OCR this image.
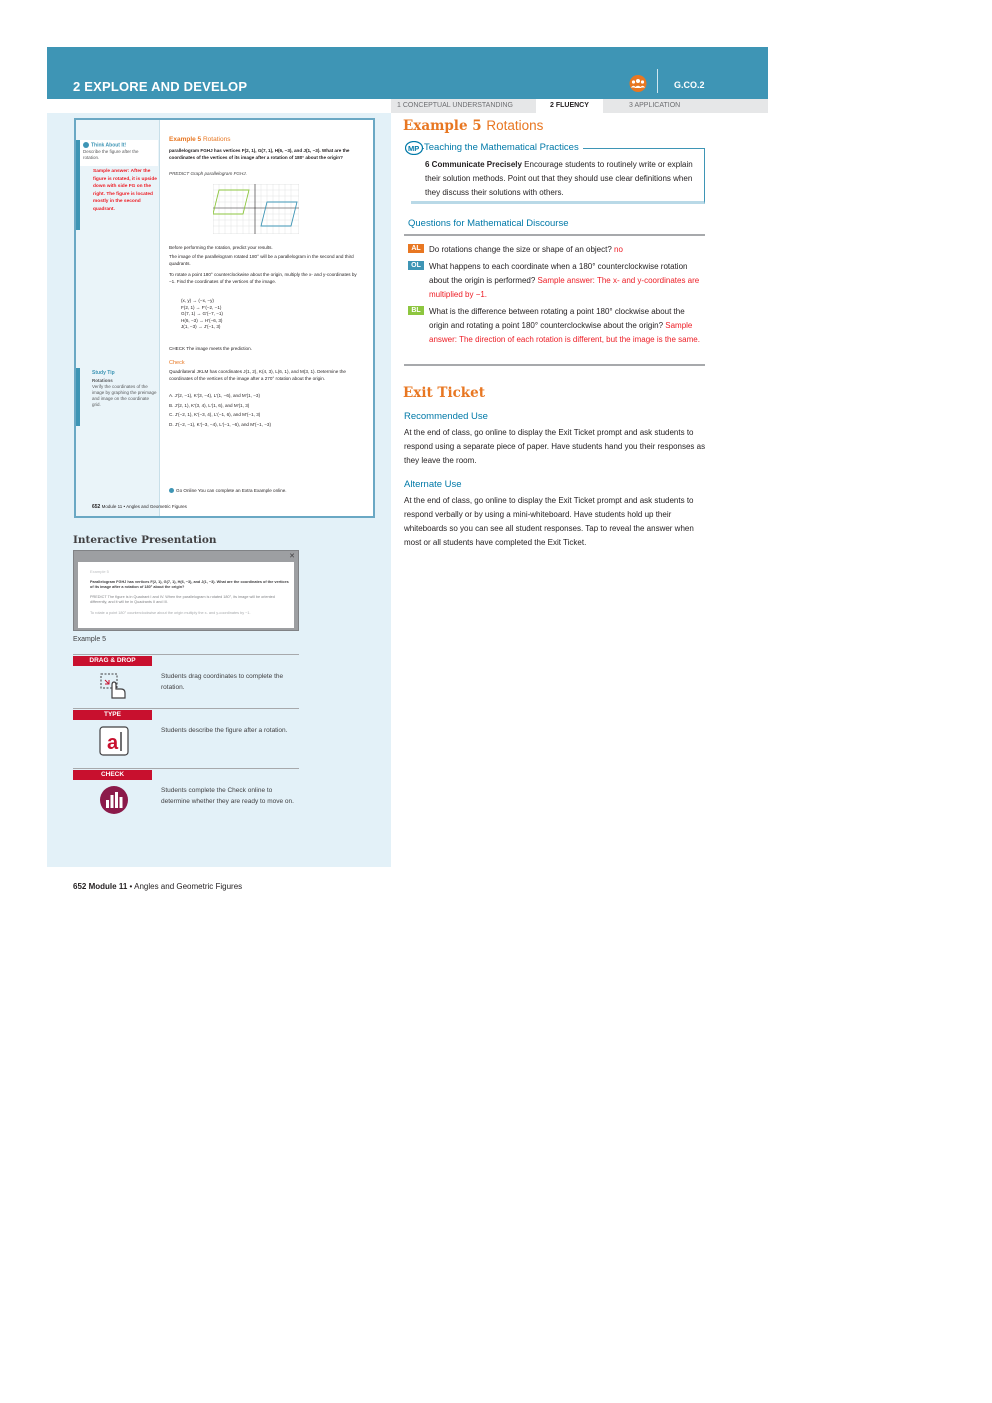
2 EXPLORE AND DEVELOP	G.CO.2
1 CONCEPTUAL UNDERSTANDING	2 FLUENCY	3 APPLICATION
Think About It!
Describe the figure after the rotation.
Sample answer: After the figure is rotated, it is upside down with side FG on the right. The figure is located mostly in the second quadrant.
Study Tip
Rotations
Verify the coordinates of the image by graphing the preimage and image on the coordinate grid.
Example 5 Rotations
parallelogram FGHJ has vertices F(2, 1), G(7, 1), H(6, −3), and J(1, −3). What are the coordinates of the vertices of its image after a rotation of 180° about the origin?
PREDICT Graph parallelogram FGHJ.
Before performing the rotation, predict your results.
The image of the parallelogram rotated 180° will be a parallelogram in the second and third quadrants.
To rotate a point 180° counterclockwise about the origin, multiply the x- and y-coordinates by −1. Find the coordinates of the vertices of the image.
(x, y) → (−x, −y)
F(2, 1) → F′(−2, −1)
G(7, 1) → G′(−7, −1)
H(6, −3) → H′(−6, 3)
J(1, −3) → J′(−1, 3)
CHECK The image meets the prediction.
Check
Quadrilateral JKLM has coordinates J(1, 2), K(4, 3), L(6, 1), and M(3, 1). Determine the coordinates of the vertices of the image after a 270° rotation about the origin.
A. J′(2, −1), K′(3, −4), L′(1, −6), and M′(1, −3)
B. J′(2, 1), K′(3, 4), L′(1, 6), and M′(1, 3)
C. J′(−2, 1), K′(−3, 4), L′(−1, 6), and M′(−1, 3)
D. J′(−2, −1), K′(−3, −4), L′(−1, −6), and M′(−1, −3)
Go Online You can complete an Extra Example online.
652 Module 11 • Angles and Geometric Figures
Interactive Presentation
✕
Example 5
Parallelogram FGHJ has vertices F(2, 1), G(7, 1), H(6, −3), and J(1, −3). What are the coordinates of the vertices of its image after a rotation of 180° about the origin?
PREDICT The figure is in Quadrant I and IV. When the parallelogram is rotated 180°, its image will be oriented differently, and it will be in Quadrants II and III.
To rotate a point 180° counterclockwise about the origin multiply the x- and y-coordinates by −1.
Example 5
DRAG & DROP
Students drag coordinates to complete the rotation.
TYPE
a
Students describe the figure after a rotation.
CHECK
Students complete the Check online to determine whether they are ready to move on.
652 Module 11 • Angles and Geometric Figures
Example 5 Rotations
MP Teaching the Mathematical Practices
6 Communicate Precisely Encourage students to routinely write or explain their solution methods. Point out that they should use clear definitions when they discuss their solutions with others.
Questions for Mathematical Discourse
AL	Do rotations change the size or shape of an object? no
OL	What happens to each coordinate when a 180° counterclockwise rotation about the origin is performed? Sample answer: The x- and y-coordinates are multiplied by −1.
BL	What is the difference between rotating a point 180° clockwise about the origin and rotating a point 180° counterclockwise about the origin? Sample answer: The direction of each rotation is different, but the image is the same.
Exit Ticket
Recommended Use
At the end of class, go online to display the Exit Ticket prompt and ask students to respond using a separate piece of paper. Have students hand you their responses as they leave the room.
Alternate Use
At the end of class, go online to display the Exit Ticket prompt and ask students to respond verbally or by using a mini-whiteboard. Have students hold up their whiteboards so you can see all student responses. Tap to reveal the answer when most or all students have completed the Exit Ticket.
